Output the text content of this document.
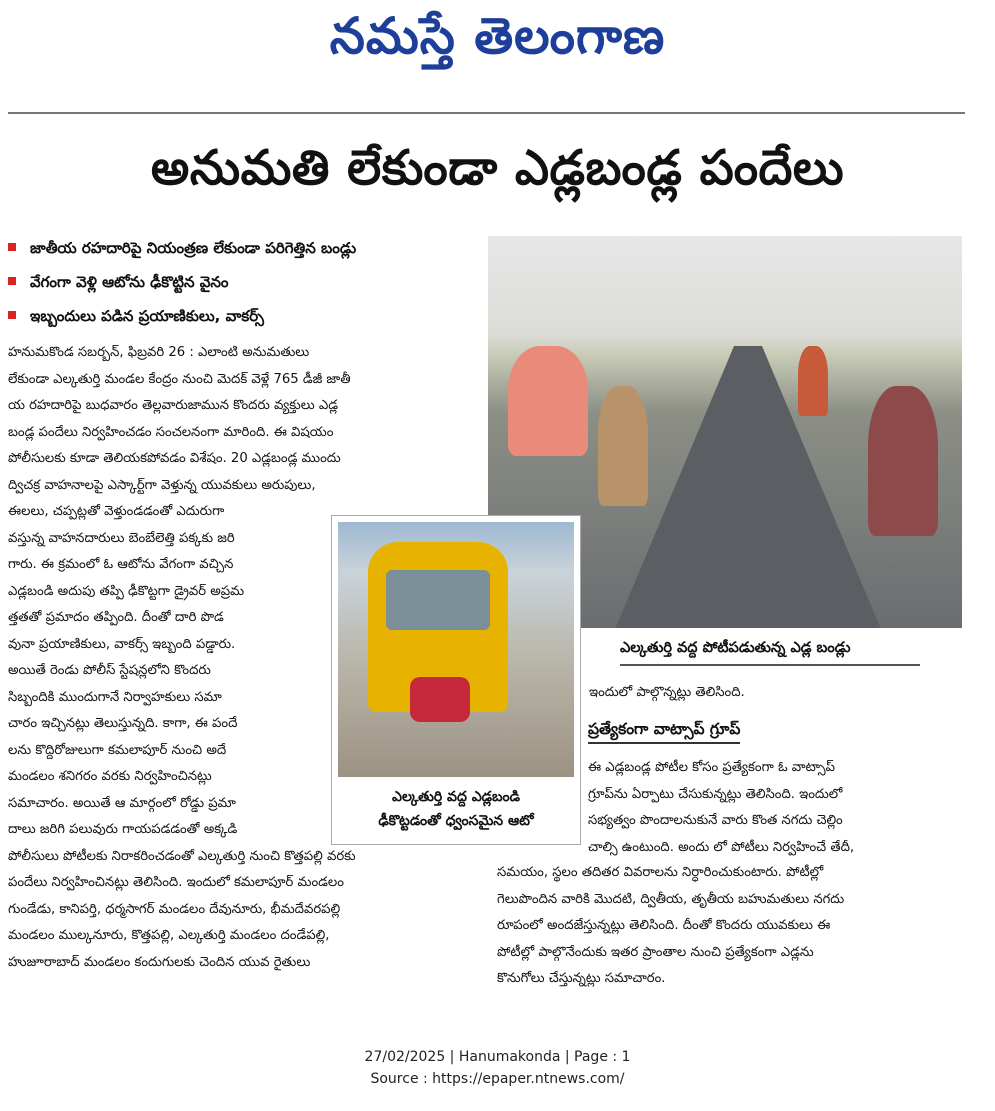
నమస్తే తెలంగాణ
అనుమతి లేకుండా ఎడ్లబండ్ల పందేలు
జాతీయ రహదారిపై నియంత్రణ లేకుండా పరిగెత్తిన బండ్లు
వేగంగా వెళ్లి ఆటోను ఢీకొట్టిన వైనం
ఇబ్బందులు పడిన ప్రయాణికులు, వాకర్స్
ఎల్కతుర్తి వద్ద పోటీపడుతున్న ఎడ్ల బండ్లు
హనుమకొండ సబర్బన్, ఫిబ్రవరి 26 : ఎలాంటి అనుమతులు
లేకుండా ఎల్కతుర్తి మండల కేంద్రం నుంచి మెదక్ వెళ్లే 765 డీజీ జాతీ
య రహదారిపై బుధవారం తెల్లవారుజామున కొందరు వ్యక్తులు ఎడ్ల
బండ్ల పందేలు నిర్వహించడం సంచలనంగా మారింది. ఈ విషయం
పోలీసులకు కూడా తెలియకపోవడం విశేషం. 20 ఎడ్లబండ్ల ముందు
ద్విచక్ర వాహనాలపై ఎస్కార్ట్‌గా వెళ్తున్న యువకులు అరుపులు,
ఈలలు, చప్పట్లతో వెళ్తుండడంతో ఎదురుగా
వస్తున్న వాహనదారులు బెంబేలెత్తి పక్కకు జరి
గారు. ఈ క్రమంలో ఓ ఆటోను వేగంగా వచ్చిన
ఎడ్లబండి అదుపు తప్పి ఢీకొట్టగా డ్రైవర్ అప్రమ
త్తతతో ప్రమాదం తప్పింది. దీంతో దారి పొడ
వునా ప్రయాణికులు, వాకర్స్ ఇబ్బంది పడ్డారు.
అయితే రెండు పోలీస్ స్టేషన్లలోని కొందరు
సిబ్బందికి ముందుగానే నిర్వాహకులు సమా
చారం ఇచ్చినట్లు తెలుస్తున్నది. కాగా, ఈ పందే
లను కొద్దిరోజులుగా కమలాపూర్ నుంచి అదే
మండలం శనిగరం వరకు నిర్వహించినట్లు
సమాచారం. అయితే ఆ మార్గంలో రోడ్డు ప్రమా
దాలు జరిగి పలువురు గాయపడడంతో అక్కడి
పోలీసులు పోటీలకు నిరాకరించడంతో ఎల్కతుర్తి నుంచి కొత్తపల్లి వరకు
పందేలు నిర్వహించినట్లు తెలిసింది. ఇందులో కమలాపూర్ మండలం
గుండేడు, కానిపర్తి, ధర్మసాగర్ మండలం దేవునూరు, భీమదేవరపల్లి
మండలం ముల్కనూరు, కొత్తపల్లి, ఎల్కతుర్తి మండలం దండేపల్లి,
హుజూరాబాద్ మండలం కందుగులకు చెందిన యువ రైతులు
ఎల్కతుర్తి వద్ద ఎడ్లబండి
ఢీకొట్టడంతో ధ్వంసమైన ఆటో
ఇందులో పాల్గొన్నట్లు తెలిసింది.
ప్రత్యేకంగా వాట్సాప్ గ్రూప్
ఈ ఎడ్లబండ్ల పోటీల కోసం ప్రత్యేకంగా ఓ వాట్సాప్
గ్రూప్‌ను ఏర్పాటు చేసుకున్నట్లు తెలిసింది. ఇందులో
సభ్యత్వం పొందాలనుకునే వారు కొంత నగదు చెల్లిం
చాల్సి ఉంటుంది. అందు లో పోటీలు నిర్వహించే తేదీ,
సమయం, స్థలం తదితర వివరాలను నిర్ధారించుకుంటారు. పోటీల్లో
గెలుపొందిన వారికి మొదటి, ద్వితీయ, తృతీయ బహుమతులు నగదు
రూపంలో అందజేస్తున్నట్లు తెలిసింది. దీంతో కొందరు యువకులు ఈ
పోటీల్లో పాల్గొనేందుకు ఇతర ప్రాంతాల నుంచి ప్రత్యేకంగా ఎడ్లను
కొనుగోలు చేస్తున్నట్లు సమాచారం.
27/02/2025 | Hanumakonda | Page : 1
Source : https://epaper.ntnews.com/
